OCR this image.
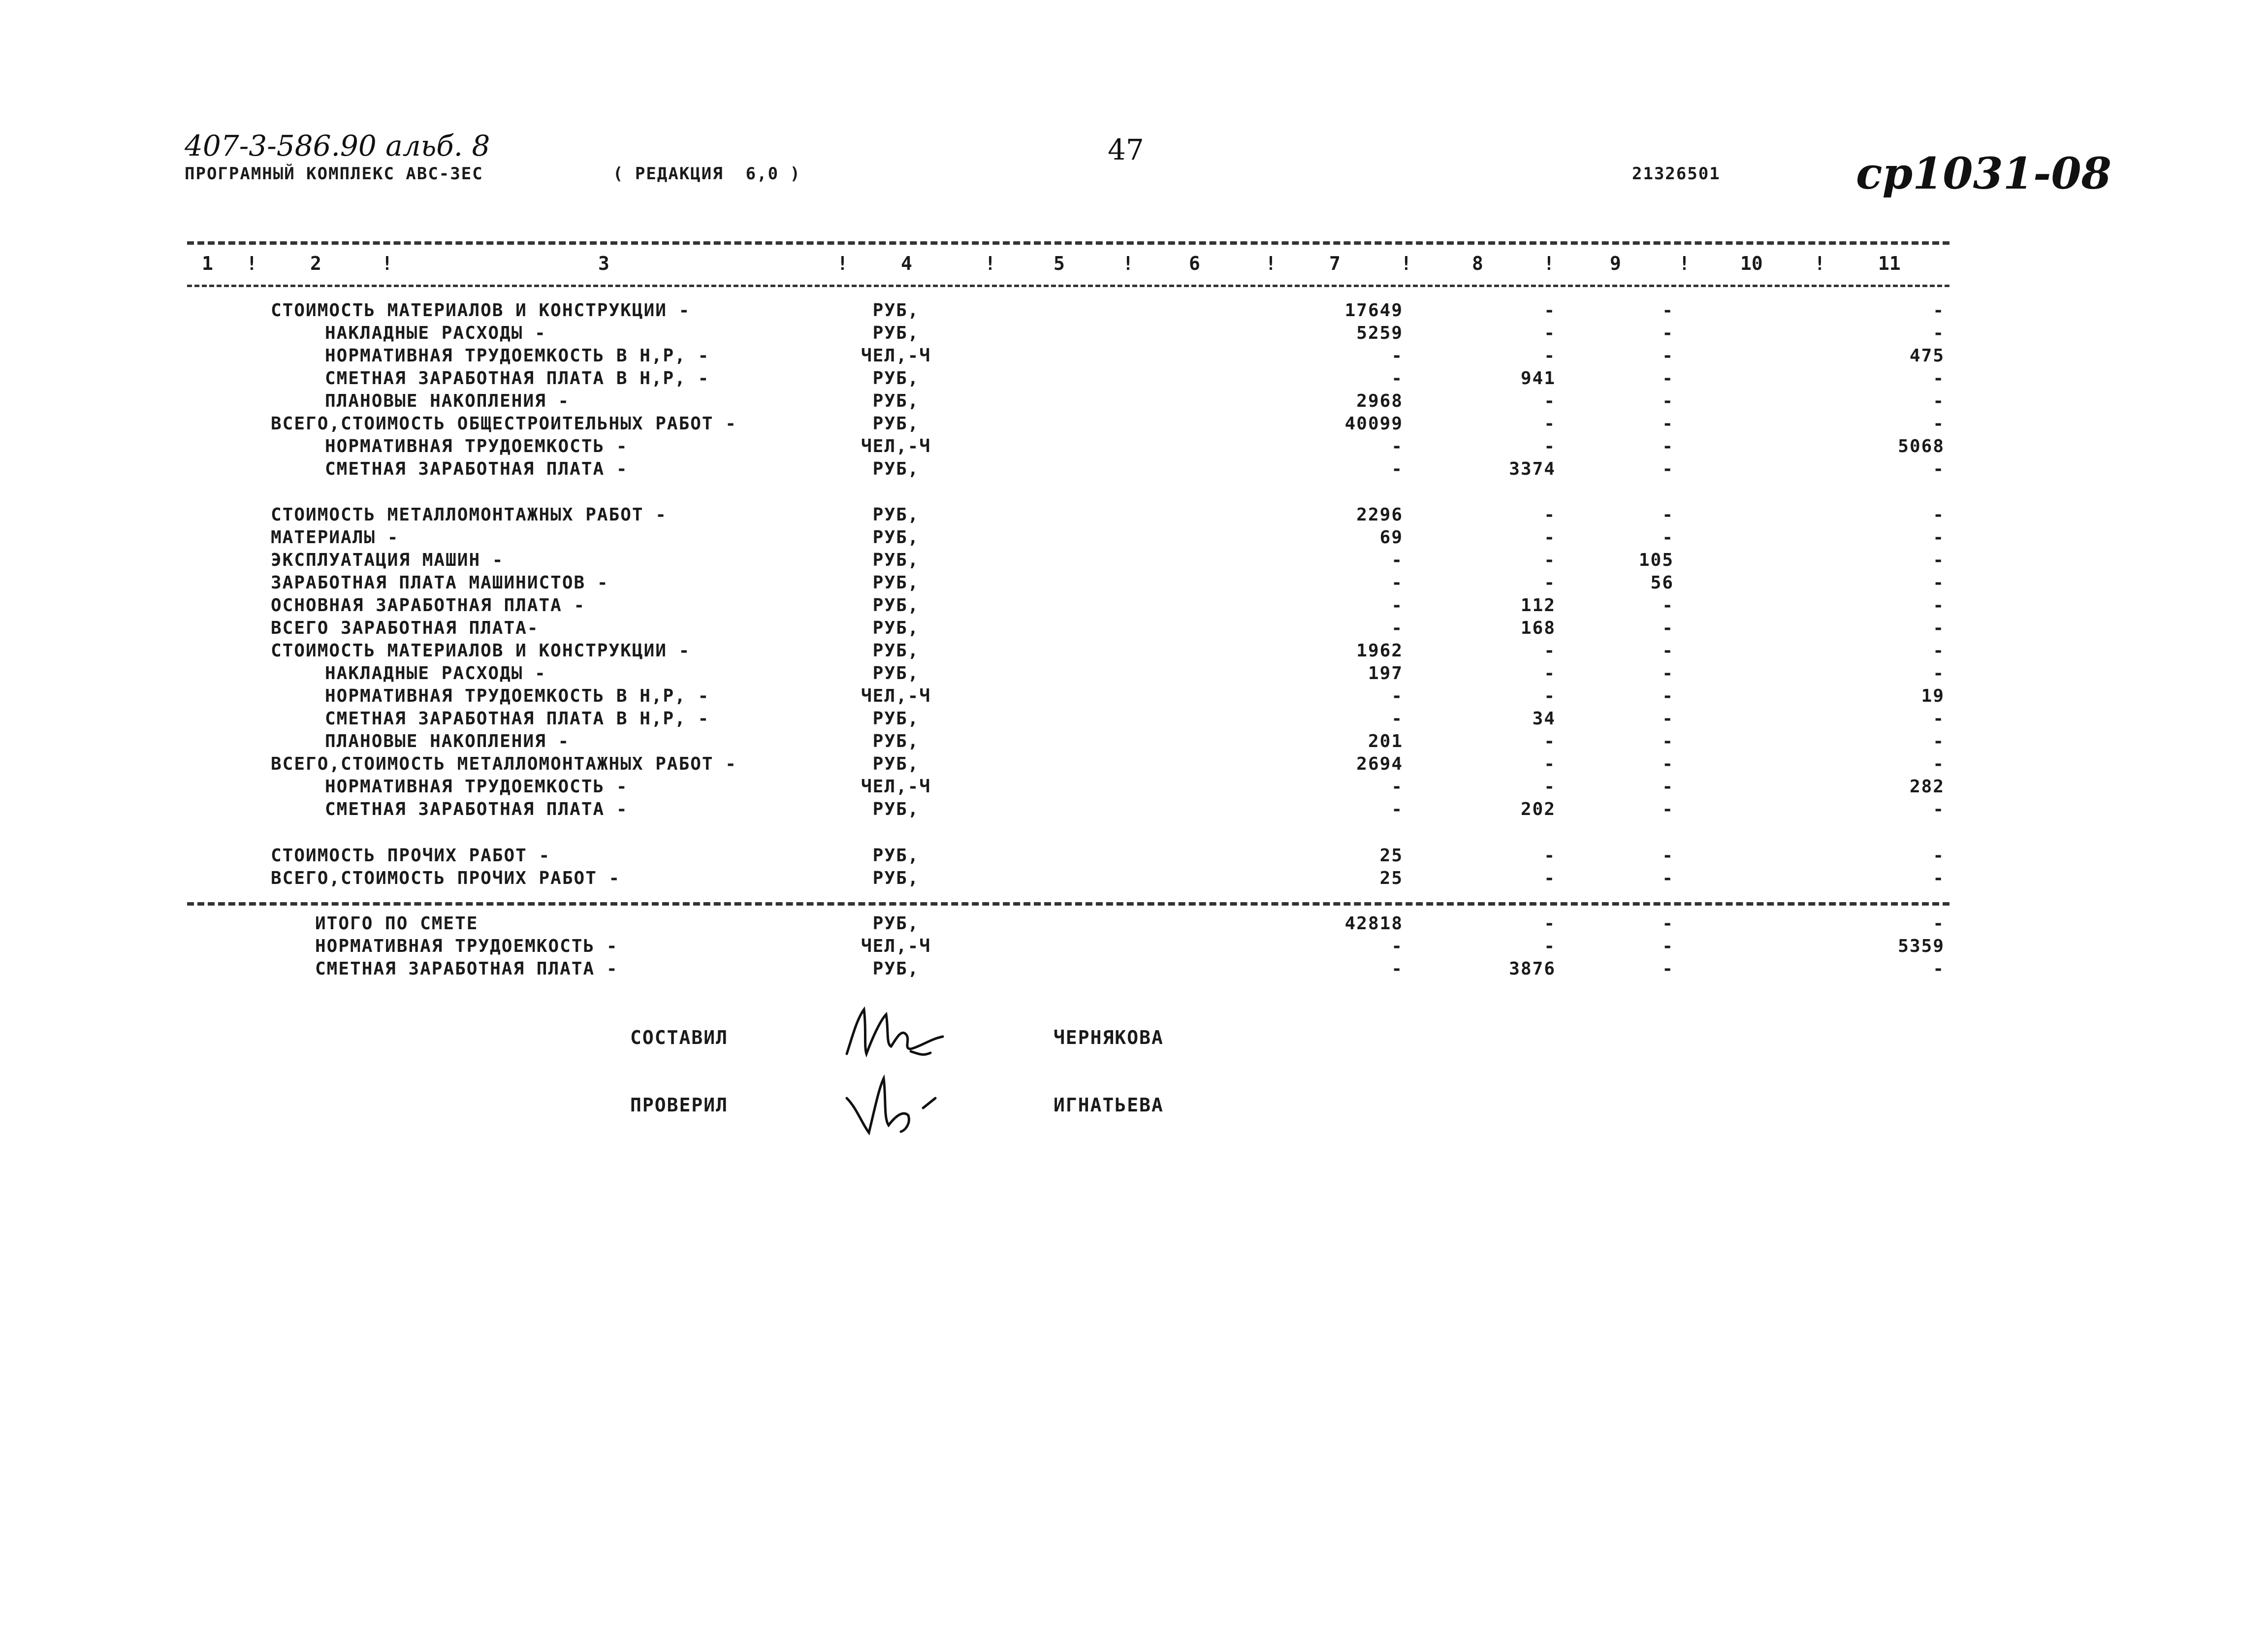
407-3-586.90 альб. 8	47	ср1031-08
ПРОГРАМНЫЙ КОМПЛЕКС АВС-3ЕС	( РЕДАКЦИЯ  6,0 )	21326501
1 !	2	!	3	!	4	!	5	!	6	!	7	!	8	!	9	!	10	!	11
СТОИМОСТЬ МАТЕРИАЛОВ И КОНСТРУКЦИИ -	РУБ,	17649	-	-	-
НАКЛАДНЫЕ РАСХОДЫ -	РУБ,	5259	-	-	-
НОРМАТИВНАЯ ТРУДОЕМКОСТЬ В Н,Р, -	ЧЕЛ,-Ч	-	-	-	475
СМЕТНАЯ ЗАРАБОТНАЯ ПЛАТА В Н,Р, -	РУБ,	-	941	-	-
ПЛАНОВЫЕ НАКОПЛЕНИЯ -	РУБ,	2968	-	-	-
ВСЕГО,СТОИМОСТЬ ОБЩЕСТРОИТЕЛЬНЫХ РАБОТ -	РУБ,	40099	-	-	-
НОРМАТИВНАЯ ТРУДОЕМКОСТЬ -	ЧЕЛ,-Ч	-	-	-	5068
СМЕТНАЯ ЗАРАБОТНАЯ ПЛАТА -	РУБ,	-	3374	-	-
СТОИМОСТЬ МЕТАЛЛОМОНТАЖНЫХ РАБОТ -	РУБ,	2296	-	-	-
МАТЕРИАЛЫ -	РУБ,	69	-	-	-
ЭКСПЛУАТАЦИЯ МАШИН -	РУБ,	-	-	105	-
ЗАРАБОТНАЯ ПЛАТА МАШИНИСТОВ -	РУБ,	-	-	56	-
ОСНОВНАЯ ЗАРАБОТНАЯ ПЛАТА -	РУБ,	-	112	-	-
ВСЕГО ЗАРАБОТНАЯ ПЛАТА-	РУБ,	-	168	-	-
СТОИМОСТЬ МАТЕРИАЛОВ И КОНСТРУКЦИИ -	РУБ,	1962	-	-	-
НАКЛАДНЫЕ РАСХОДЫ -	РУБ,	197	-	-	-
НОРМАТИВНАЯ ТРУДОЕМКОСТЬ В Н,Р, -	ЧЕЛ,-Ч	-	-	-	19
СМЕТНАЯ ЗАРАБОТНАЯ ПЛАТА В Н,Р, -	РУБ,	-	34	-	-
ПЛАНОВЫЕ НАКОПЛЕНИЯ -	РУБ,	201	-	-	-
ВСЕГО,СТОИМОСТЬ МЕТАЛЛОМОНТАЖНЫХ РАБОТ -	РУБ,	2694	-	-	-
НОРМАТИВНАЯ ТРУДОЕМКОСТЬ -	ЧЕЛ,-Ч	-	-	-	282
СМЕТНАЯ ЗАРАБОТНАЯ ПЛАТА -	РУБ,	-	202	-	-
СТОИМОСТЬ ПРОЧИХ РАБОТ -	РУБ,	25	-	-	-
ВСЕГО,СТОИМОСТЬ ПРОЧИХ РАБОТ -	РУБ,	25	-	-	-
ИТОГО ПО СМЕТЕ	РУБ,	42818	-	-	-
НОРМАТИВНАЯ ТРУДОЕМКОСТЬ -	ЧЕЛ,-Ч	-	-	-	5359
СМЕТНАЯ ЗАРАБОТНАЯ ПЛАТА -	РУБ,	-	3876	-	-
СОСТАВИЛ	ЧЕРНЯКОВА
ПРОВЕРИЛ	ИГНАТЬЕВА
